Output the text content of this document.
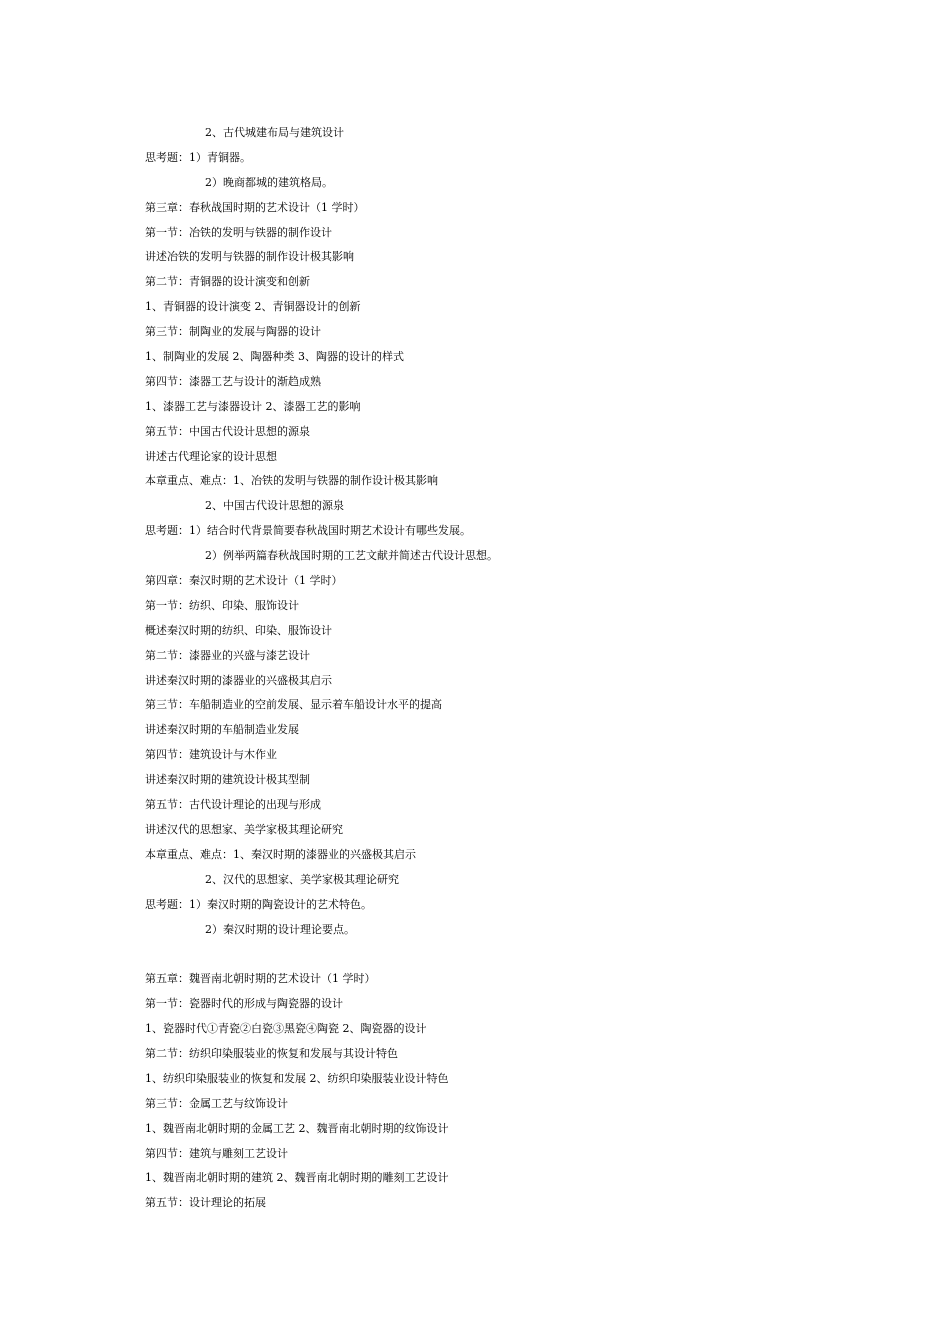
2、古代城建布局与建筑设计
思考题：1）青铜器。
2）晚商都城的建筑格局。
第三章：春秋战国时期的艺术设计（1 学时）
第一节：冶铁的发明与铁器的制作设计
讲述冶铁的发明与铁器的制作设计极其影响
第二节：青铜器的设计演变和创新
1、青铜器的设计演变 2、青铜器设计的创新
第三节：制陶业的发展与陶器的设计
1、制陶业的发展 2、陶器种类 3、陶器的设计的样式
第四节：漆器工艺与设计的渐趋成熟
1、漆器工艺与漆器设计 2、漆器工艺的影响
第五节：中国古代设计思想的源泉
讲述古代理论家的设计思想
本章重点、难点：1、冶铁的发明与铁器的制作设计极其影响
2、中国古代设计思想的源泉
思考题：1）结合时代背景简要春秋战国时期艺术设计有哪些发展。
2）例举两篇春秋战国时期的工艺文献并简述古代设计思想。
第四章：秦汉时期的艺术设计（1 学时）
第一节：纺织、印染、服饰设计
概述秦汉时期的纺织、印染、服饰设计
第二节：漆器业的兴盛与漆艺设计
讲述秦汉时期的漆器业的兴盛极其启示
第三节：车船制造业的空前发展、显示着车船设计水平的提高
讲述秦汉时期的车船制造业发展
第四节：建筑设计与木作业
讲述秦汉时期的建筑设计极其型制
第五节：古代设计理论的出现与形成
讲述汉代的思想家、美学家极其理论研究
本章重点、难点：1、秦汉时期的漆器业的兴盛极其启示
2、汉代的思想家、美学家极其理论研究
思考题：1）秦汉时期的陶瓷设计的艺术特色。
2）秦汉时期的设计理论要点。
第五章：魏晋南北朝时期的艺术设计（1 学时）
第一节：瓷器时代的形成与陶瓷器的设计
1、瓷器时代①青瓷②白瓷③黑瓷④陶瓷 2、陶瓷器的设计
第二节：纺织印染服装业的恢复和发展与其设计特色
1、纺织印染服装业的恢复和发展 2、纺织印染服装业设计特色
第三节：金属工艺与纹饰设计
1、魏晋南北朝时期的金属工艺 2、魏晋南北朝时期的纹饰设计
第四节：建筑与雕刻工艺设计
1、魏晋南北朝时期的建筑 2、魏晋南北朝时期的雕刻工艺设计
第五节：设计理论的拓展
